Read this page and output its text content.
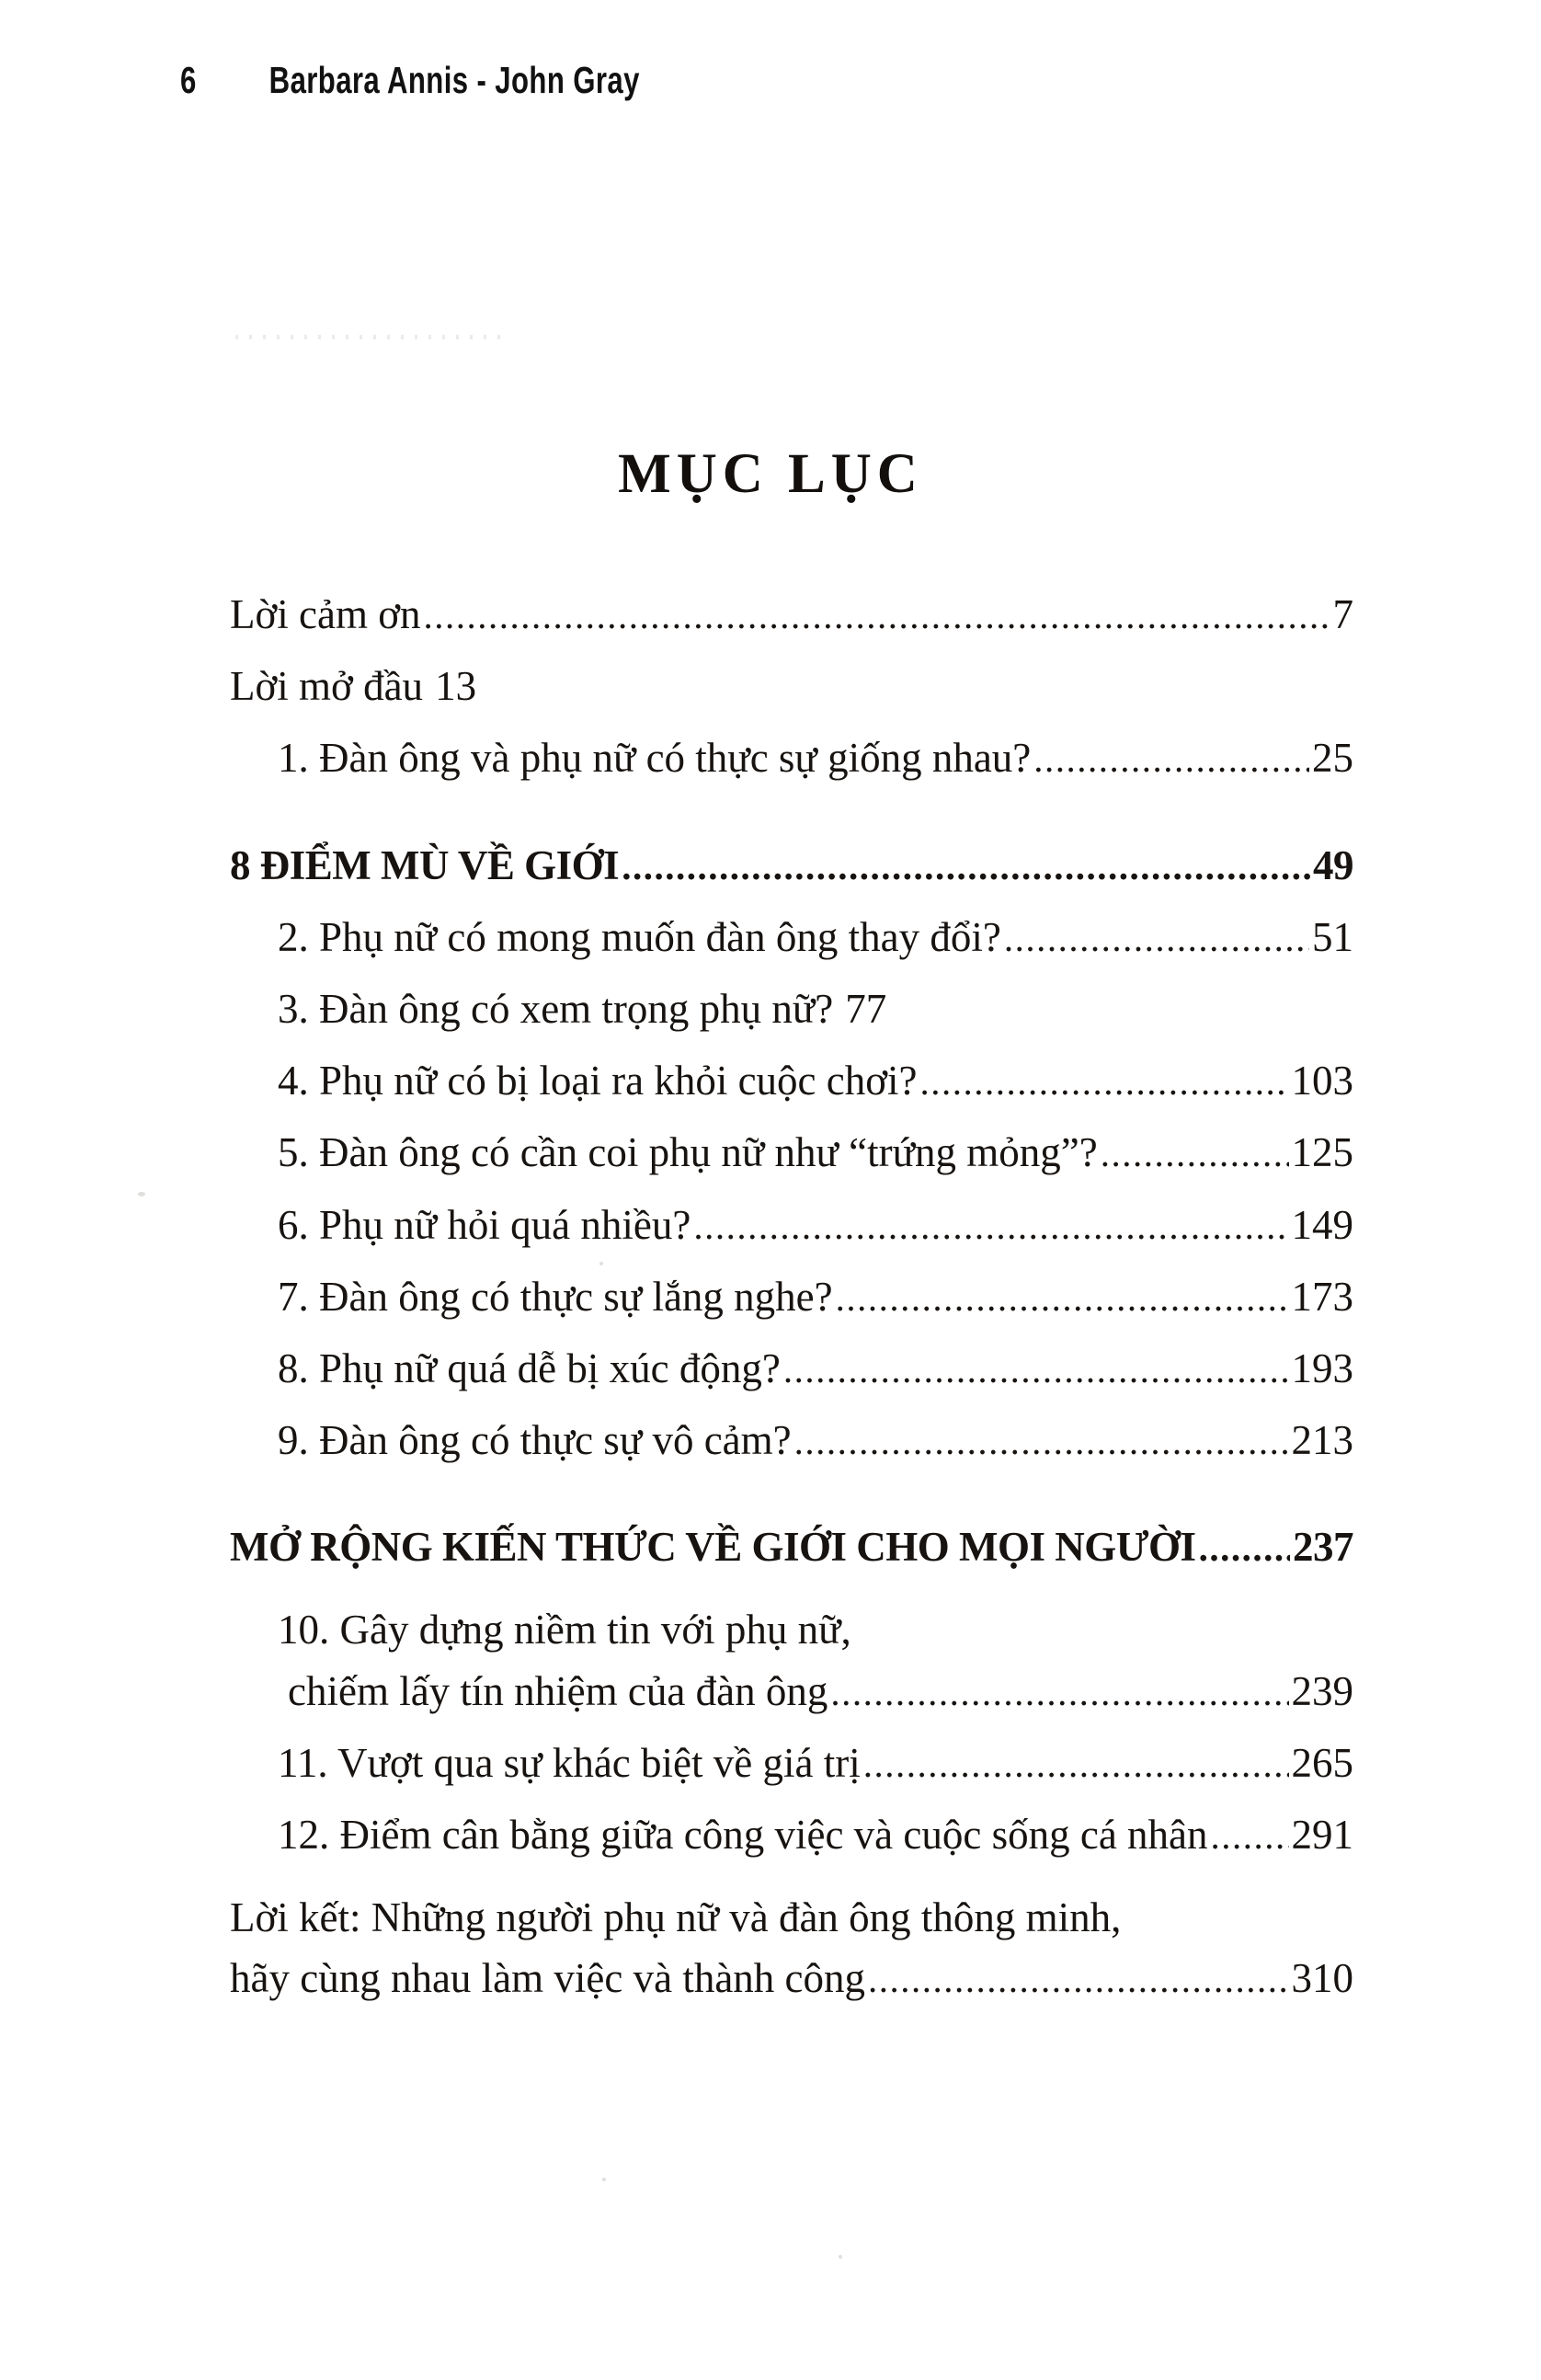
6 Barbara Annis - John Gray
MỤC LỤC
Lời cảm ơn .....	7
Lời mở đầu 13
1. Đàn ông và phụ nữ có thực sự giống nhau? .....	25
8 ĐIỂM MÙ VỀ GIỚI .....	49
2. Phụ nữ có mong muốn đàn ông thay đổi? .....	51
3. Đàn ông có xem trọng phụ nữ? 77
4. Phụ nữ có bị loại ra khỏi cuộc chơi? .....	103
5. Đàn ông có cần coi phụ nữ như “trứng mỏng”? .....	125
6. Phụ nữ hỏi quá nhiều? .....	149
7. Đàn ông có thực sự lắng nghe? .....	173
8. Phụ nữ quá dễ bị xúc động? .....	193
9. Đàn ông có thực sự vô cảm? .....	213
MỞ RỘNG KIẾN THỨC VỀ GIỚI CHO MỌI NGƯỜI ..... 237
10. Gây dựng niềm tin với phụ nữ,
chiếm lấy tín nhiệm của đàn ông .....	239
11. Vượt qua sự khác biệt về giá trị .....	265
12. Điểm cân bằng giữa công việc và cuộc sống cá nhân ..... 291
Lời kết: Những người phụ nữ và đàn ông thông minh,
hãy cùng nhau làm việc và thành công .....	310
